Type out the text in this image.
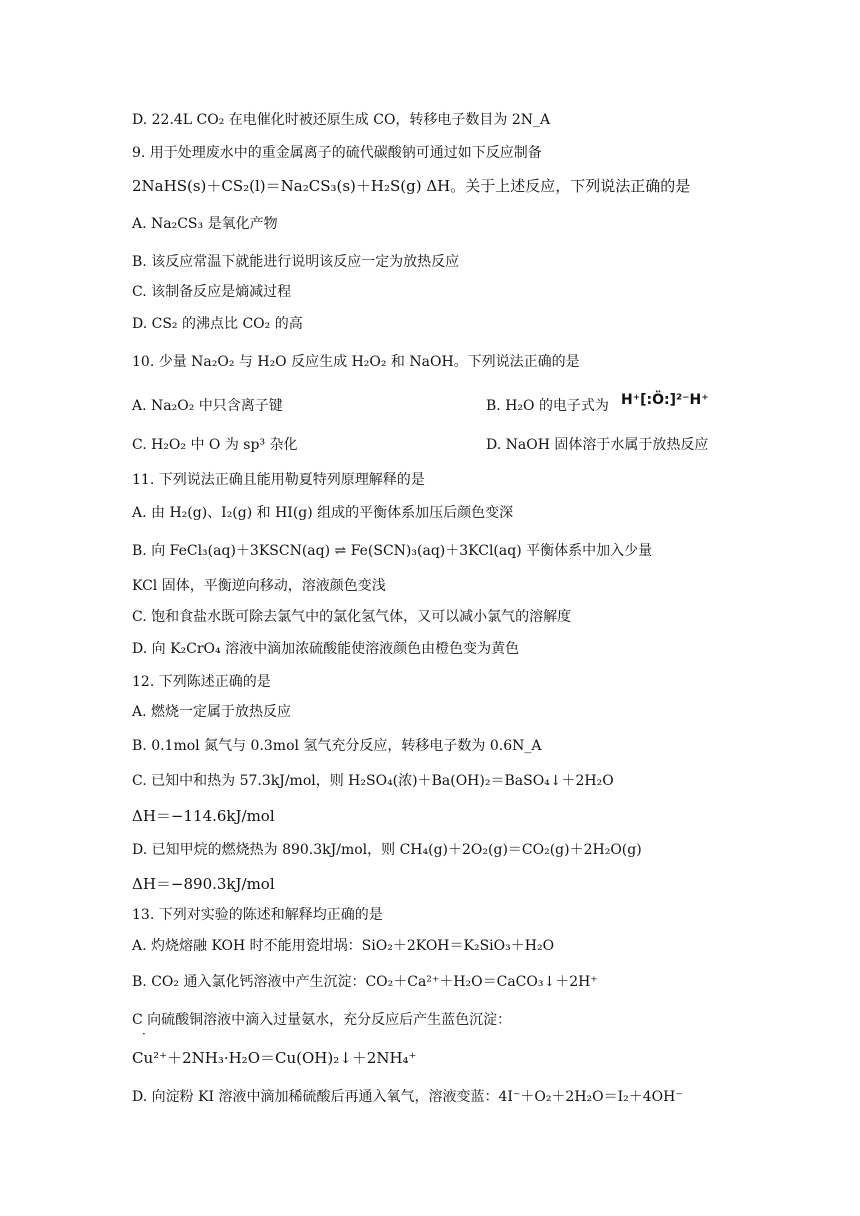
D. 22.4L CO₂ 在电催化时被还原生成 CO，转移电子数目为 2N_A
9. 用于处理废水中的重金属离子的硫代碳酸钠可通过如下反应制备
2NaHS(s)＋CS₂(l)＝Na₂CS₃(s)＋H₂S(g) ΔH。关于上述反应，下列说法正确的是
A. Na₂CS₃ 是氧化产物
B. 该反应常温下就能进行说明该反应一定为放热反应
C. 该制备反应是熵减过程
D. CS₂ 的沸点比 CO₂ 的高
10. 少量 Na₂O₂ 与 H₂O 反应生成 H₂O₂ 和 NaOH。下列说法正确的是
A. Na₂O₂ 中只含离子键
C. H₂O₂ 中 O 为 sp³ 杂化
11. 下列说法正确且能用勒夏特列原理解释的是
A. 由 H₂(g)、I₂(g) 和 HI(g) 组成的平衡体系加压后颜色变深
B. 向 FeCl₃(aq)＋3KSCN(aq) ⇌ Fe(SCN)₃(aq)＋3KCl(aq) 平衡体系中加入少量
KCl 固体，平衡逆向移动，溶液颜色变浅
C. 饱和食盐水既可除去氯气中的氯化氢气体，又可以减小氯气的溶解度
D. 向 K₂CrO₄ 溶液中滴加浓硫酸能使溶液颜色由橙色变为黄色
12. 下列陈述正确的是
A. 燃烧一定属于放热反应
B. 0.1mol 氮气与 0.3mol 氢气充分反应，转移电子数为 0.6N_A
C. 已知中和热为 57.3kJ/mol，则 H₂SO₄(浓)＋Ba(OH)₂＝BaSO₄↓＋2H₂O
ΔH＝−114.6kJ/mol
D. 已知甲烷的燃烧热为 890.3kJ/mol，则 CH₄(g)＋2O₂(g)＝CO₂(g)＋2H₂O(g)
ΔH＝−890.3kJ/mol
13. 下列对实验的陈述和解释均正确的是
A. 灼烧熔融 KOH 时不能用瓷坩埚：SiO₂＋2KOH＝K₂SiO₃＋H₂O
B. CO₂ 通入氯化钙溶液中产生沉淀：CO₂＋Ca²⁺＋H₂O＝CaCO₃↓＋2H⁺
C 向硫酸铜溶液中滴入过量氨水，充分反应后产生蓝色沉淀：
Cu²⁺＋2NH₃·H₂O＝Cu(OH)₂↓＋2NH₄⁺
D. 向淀粉 KI 溶液中滴加稀硫酸后再通入氧气，溶液变蓝：4I⁻＋O₂＋2H₂O＝I₂＋4OH⁻
B. H₂O 的电子式为
D. NaOH 固体溶于水属于放热反应
H⁺[:Ö:]²⁻H⁺
·
